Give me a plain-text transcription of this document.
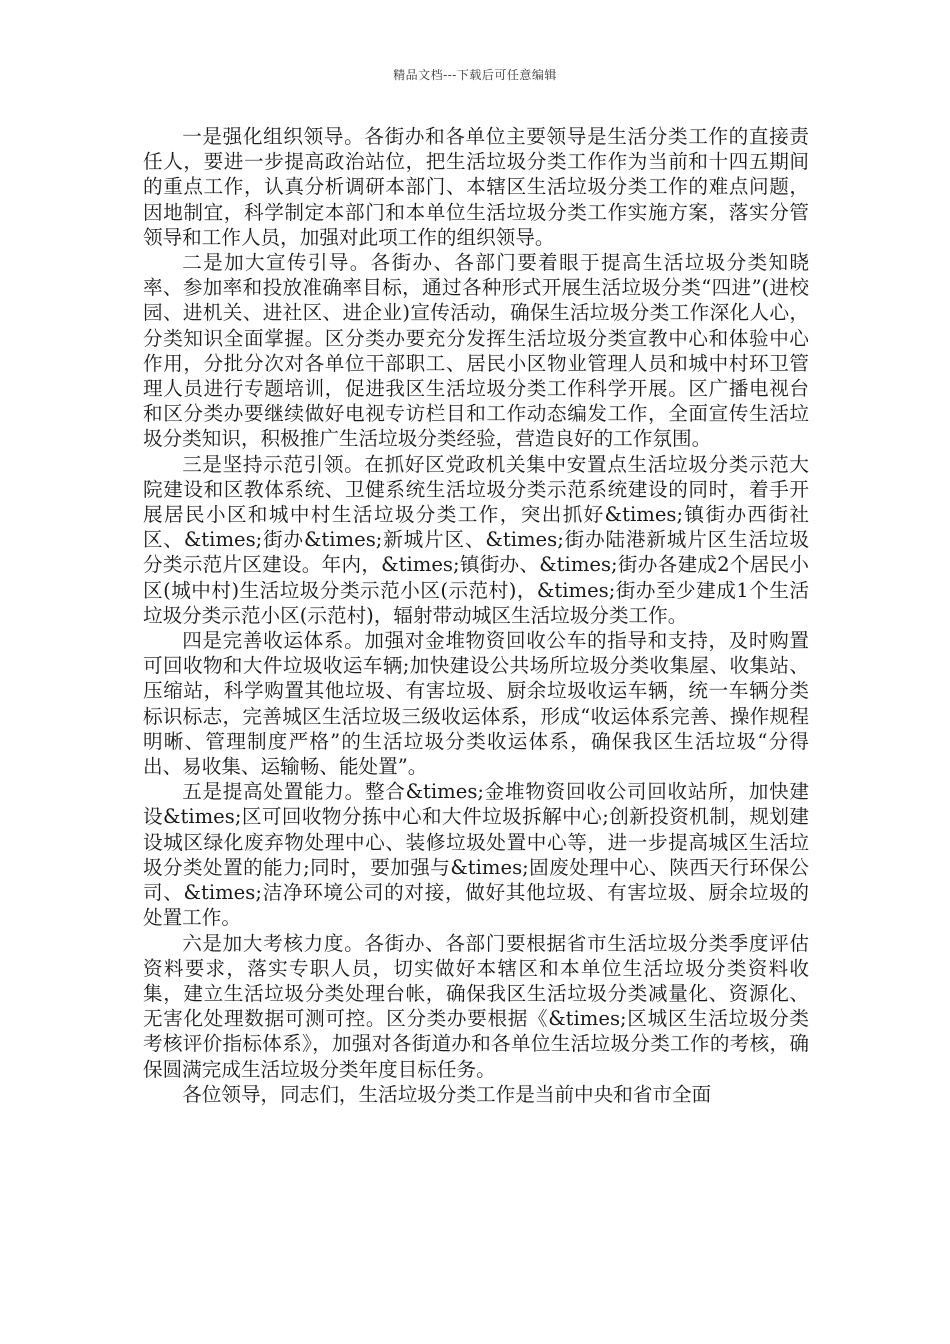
精品文档---下载后可任意编辑

一是强化组织领导。各街办和各单位主要领导是生活分类工作的直接责任人，要进一步提高政治站位，把生活垃圾分类工作作为当前和十四五期间的重点工作，认真分析调研本部门、本辖区生活垃圾分类工作的难点问题，因地制宜，科学制定本部门和本单位生活垃圾分类工作实施方案，落实分管领导和工作人员，加强对此项工作的组织领导。

二是加大宣传引导。各街办、各部门要着眼于提高生活垃圾分类知晓率、参加率和投放准确率目标，通过各种形式开展生活垃圾分类“四进”(进校园、进机关、进社区、进企业)宣传活动，确保生活垃圾分类工作深化人心，分类知识全面掌握。区分类办要充分发挥生活垃圾分类宣教中心和体验中心作用，分批分次对各单位干部职工、居民小区物业管理人员和城中村环卫管理人员进行专题培训，促进我区生活垃圾分类工作科学开展。区广播电视台和区分类办要继续做好电视专访栏目和工作动态编发工作，全面宣传生活垃圾分类知识，积极推广生活垃圾分类经验，营造良好的工作氛围。

三是坚持示范引领。在抓好区党政机关集中安置点生活垃圾分类示范大院建设和区教体系统、卫健系统生活垃圾分类示范系统建设的同时，着手开展居民小区和城中村生活垃圾分类工作，突出抓好&times;镇街办西街社区、&times;街办&times;新城片区、&times;街办陆港新城片区生活垃圾分类示范片区建设。年内，&times;镇街办、&times;街办各建成2个居民小区(城中村)生活垃圾分类示范小区(示范村)，&times;街办至少建成1个生活垃圾分类示范小区(示范村)，辐射带动城区生活垃圾分类工作。

四是完善收运体系。加强对金堆物资回收公车的指导和支持，及时购置可回收物和大件垃圾收运车辆;加快建设公共场所垃圾分类收集屋、收集站、压缩站，科学购置其他垃圾、有害垃圾、厨余垃圾收运车辆，统一车辆分类标识标志，完善城区生活垃圾三级收运体系，形成“收运体系完善、操作规程明晰、管理制度严格”的生活垃圾分类收运体系，确保我区生活垃圾“分得出、易收集、运输畅、能处置”。

五是提高处置能力。整合&times;金堆物资回收公司回收站所，加快建设&times;区可回收物分拣中心和大件垃圾拆解中心;创新投资机制，规划建设城区绿化废弃物处理中心、装修垃圾处置中心等，进一步提高城区生活垃圾分类处置的能力;同时，要加强与&times;固废处理中心、陕西天行环保公司、&times;洁净环境公司的对接，做好其他垃圾、有害垃圾、厨余垃圾的处置工作。

六是加大考核力度。各街办、各部门要根据省市生活垃圾分类季度评估资料要求，落实专职人员，切实做好本辖区和本单位生活垃圾分类资料收集，建立生活垃圾分类处理台帐，确保我区生活垃圾分类减量化、资源化、无害化处理数据可测可控。区分类办要根据《&times;区城区生活垃圾分类考核评价指标体系》，加强对各街道办和各单位生活垃圾分类工作的考核，确保圆满完成生活垃圾分类年度目标任务。

各位领导，同志们，生活垃圾分类工作是当前中央和省市全面
